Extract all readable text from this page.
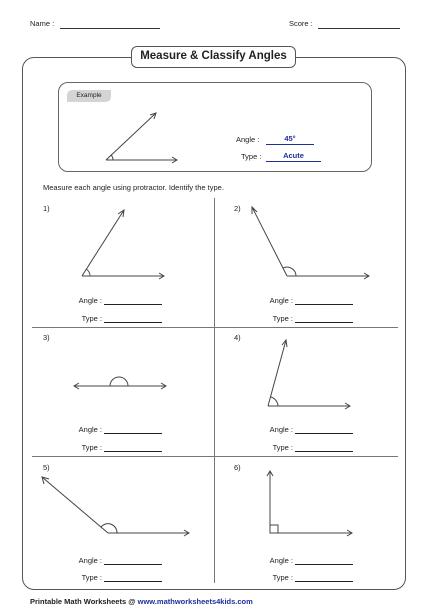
Name :	Score :
Measure & Classify Angles
Example
Angle :	45°
Type :	Acute
Measure each angle using protractor. Identify the type.
1)	2)
3)	4)
5)	6)
Angle :
Type :
Angle :
Type :
Angle :
Type :
Angle :
Type :
Angle :
Type :
Angle :
Type :
Printable Math Worksheets @ www.mathworksheets4kids.com
